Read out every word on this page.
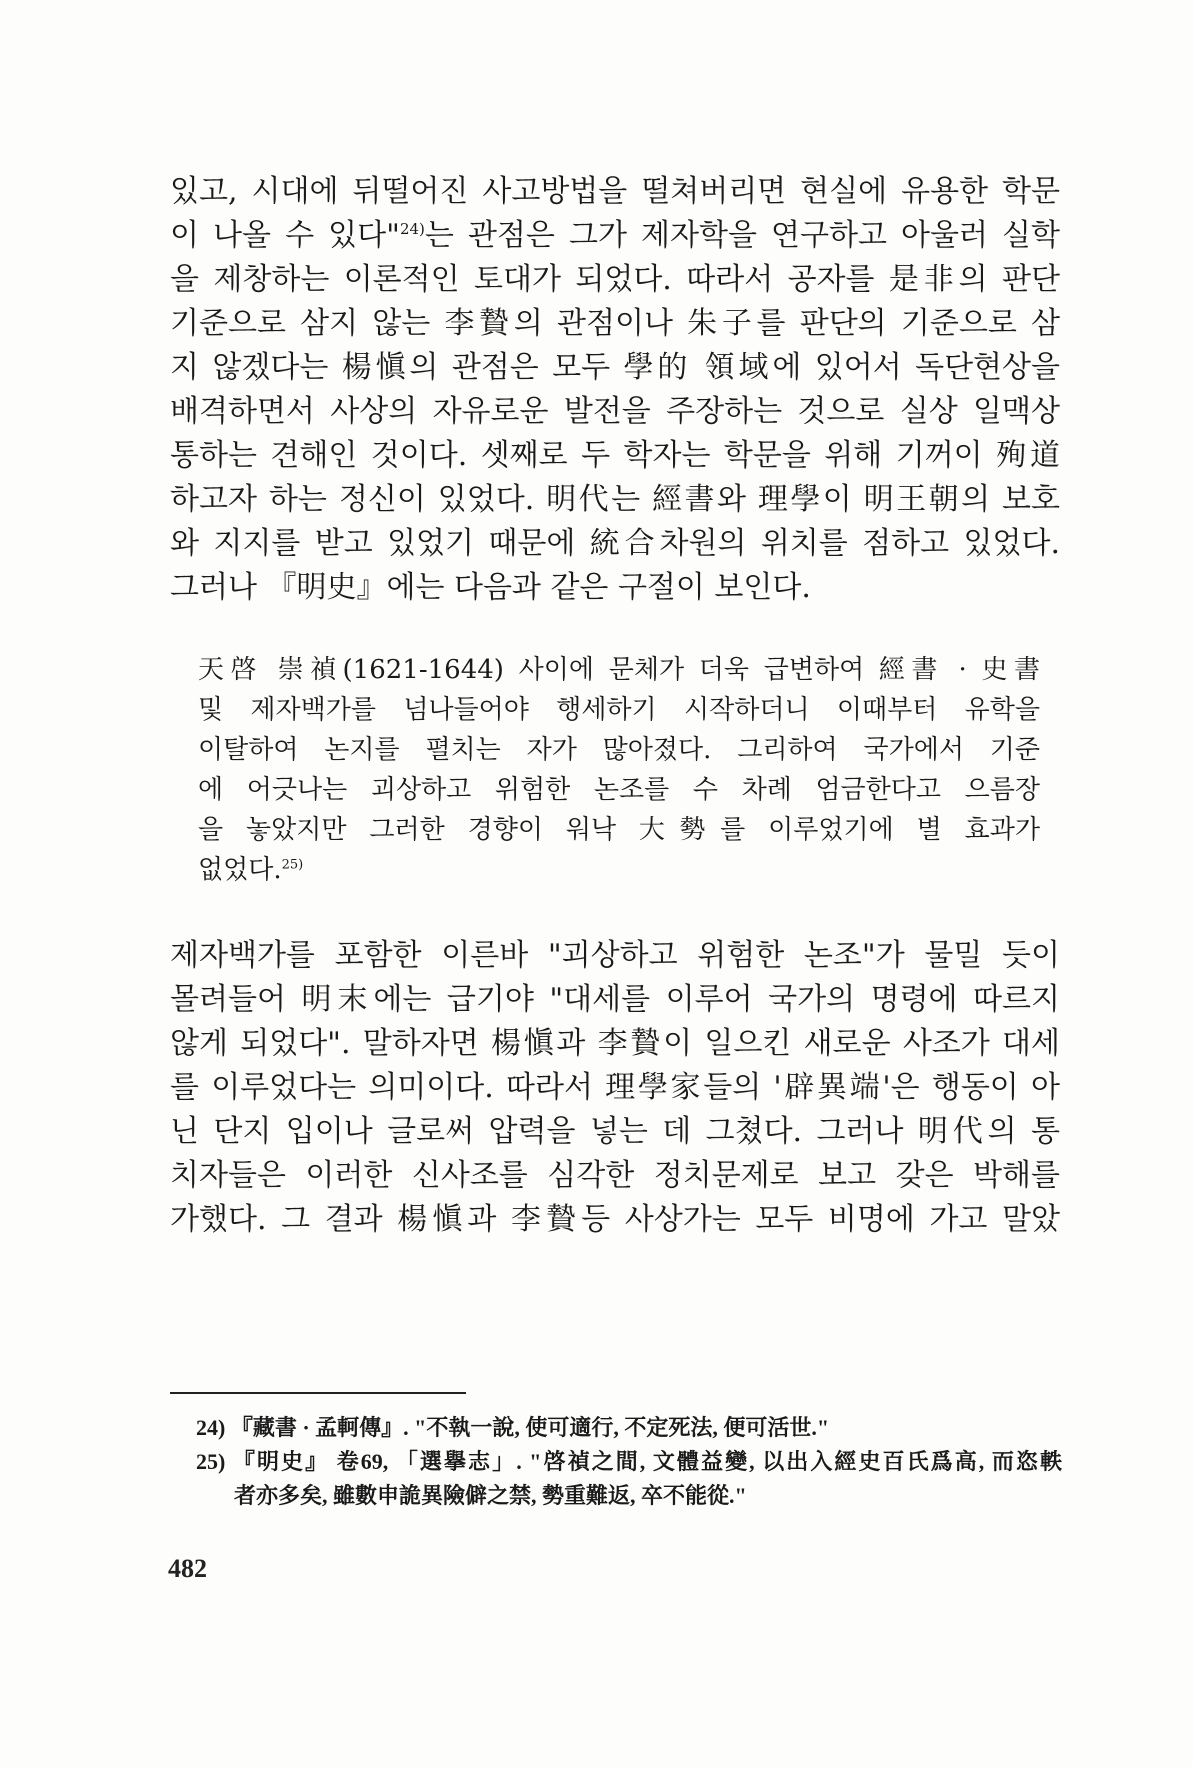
있고, 시대에 뒤떨어진 사고방법을 떨쳐버리면 현실에 유용한 학문
이 나올 수 있다"$^{24)}$는 관점은 그가 제자학을 연구하고 아울러 실학
을 제창하는 이론적인 토대가 되었다. 따라서 공자를 是非의 판단
기준으로 삼지 않는 李贄의 관점이나 朱子를 판단의 기준으로 삼
지 않겠다는 楊愼의 관점은 모두 學的 領域에 있어서 독단현상을
배격하면서 사상의 자유로운 발전을 주장하는 것으로 실상 일맥상
통하는 견해인 것이다. 셋째로 두 학자는 학문을 위해 기꺼이 殉道
하고자 하는 정신이 있었다. 明代는 經書와 理學이 明王朝의 보호
와 지지를 받고 있었기 때문에 統合차원의 위치를 점하고 있었다.
그러나 『明史』에는 다음과 같은 구절이 보인다.
天啓 崇禎(1621-1644) 사이에 문체가 더욱 급변하여 經書 · 史書
및 제자백가를 넘나들어야 행세하기 시작하더니 이때부터 유학을
이탈하여 논지를 펼치는 자가 많아졌다. 그리하여 국가에서 기준
에 어긋나는 괴상하고 위험한 논조를 수 차례 엄금한다고 으름장
을 놓았지만 그러한 경향이 워낙 大勢를 이루었기에 별 효과가
없었다.$^{25)}$
제자백가를 포함한 이른바 "괴상하고 위험한 논조"가 물밀 듯이
몰려들어 明末에는 급기야 "대세를 이루어 국가의 명령에 따르지
않게 되었다". 말하자면 楊愼과 李贄이 일으킨 새로운 사조가 대세
를 이루었다는 의미이다. 따라서 理學家들의 '辟異端'은 행동이 아
닌 단지 입이나 글로써 압력을 넣는 데 그쳤다. 그러나 明代의 통
치자들은 이러한 신사조를 심각한 정치문제로 보고 갖은 박해를
가했다. 그 결과 楊愼과 李贄등 사상가는 모두 비명에 가고 말았
24) 『藏書 · 孟軻傳』. "不執一說, 使可適行, 不定死法, 便可活世."
25) 『明史』 卷69, 「選擧志」. "啓禎之間, 文體益變, 以出入經史百氏爲高, 而恣軼
者亦多矣, 雖數申詭異險僻之禁, 勢重難返, 卒不能從."
482
